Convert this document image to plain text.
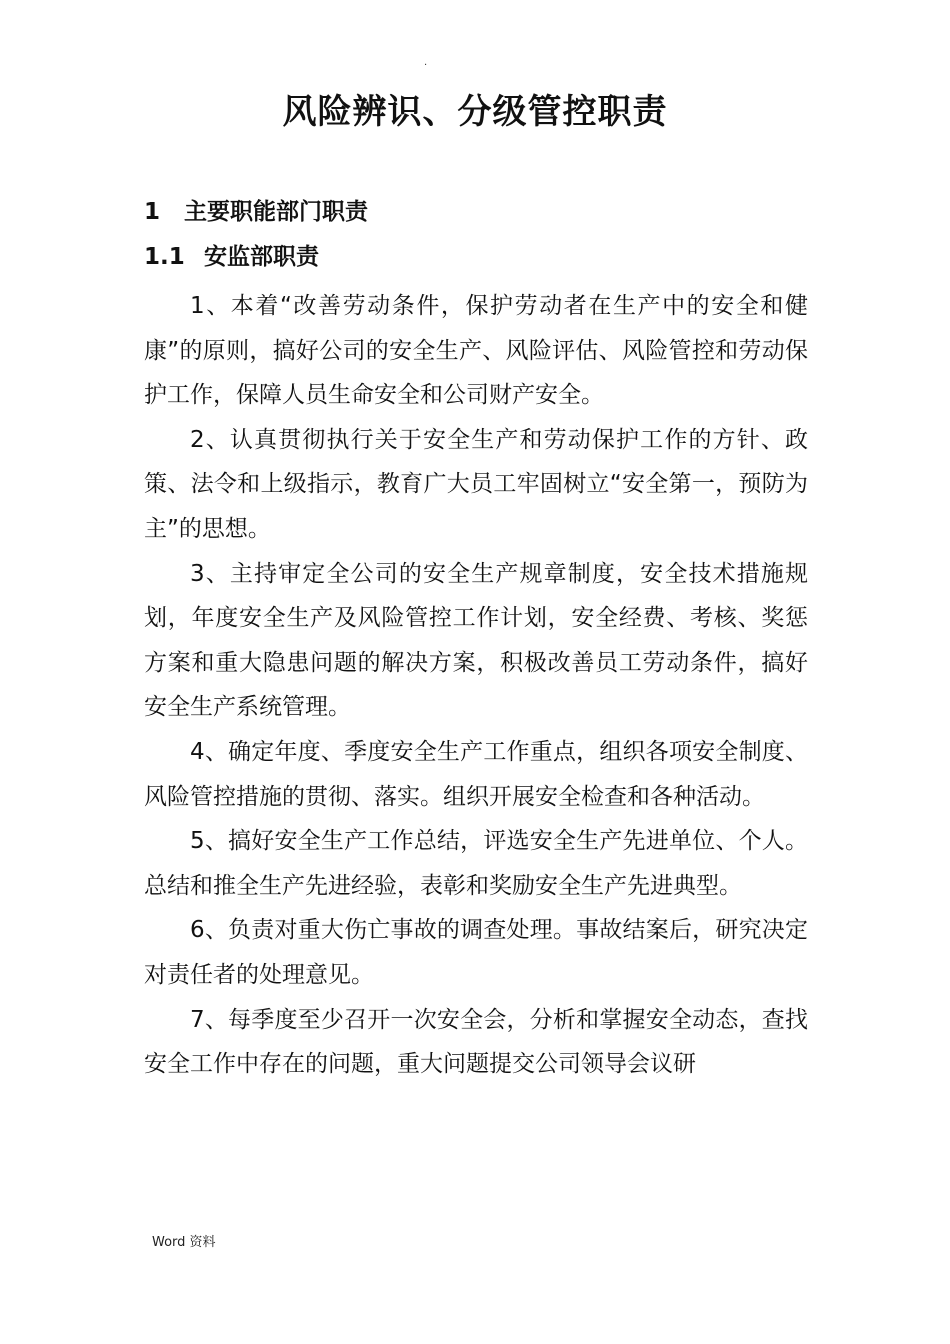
.
风险辨识、分级管控职责
1 主要职能部门职责
1.1 安监部职责

1、本着“改善劳动条件，保护劳动者在生产中的安全和健康”的原则，搞好公司的安全生产、风险评估、风险管控和劳动保护工作，保障人员生命安全和公司财产安全。

2、认真贯彻执行关于安全生产和劳动保护工作的方针、政策、法令和上级指示，教育广大员工牢固树立“安全第一，预防为主”的思想。

3、主持审定全公司的安全生产规章制度，安全技术措施规划，年度安全生产及风险管控工作计划，安全经费、考核、奖惩方案和重大隐患问题的解决方案，积极改善员工劳动条件，搞好安全生产系统管理。

4、确定年度、季度安全生产工作重点，组织各项安全制度、风险管控措施的贯彻、落实。组织开展安全检查和各种活动。

5、搞好安全生产工作总结，评选安全生产先进单位、个人。总结和推全生产先进经验，表彰和奖励安全生产先进典型。

6、负责对重大伤亡事故的调查处理。事故结案后，研究决定对责任者的处理意见。

7、每季度至少召开一次安全会，分析和掌握安全动态，查找安全工作中存在的问题，重大问题提交公司领导会议研

Word 资料
